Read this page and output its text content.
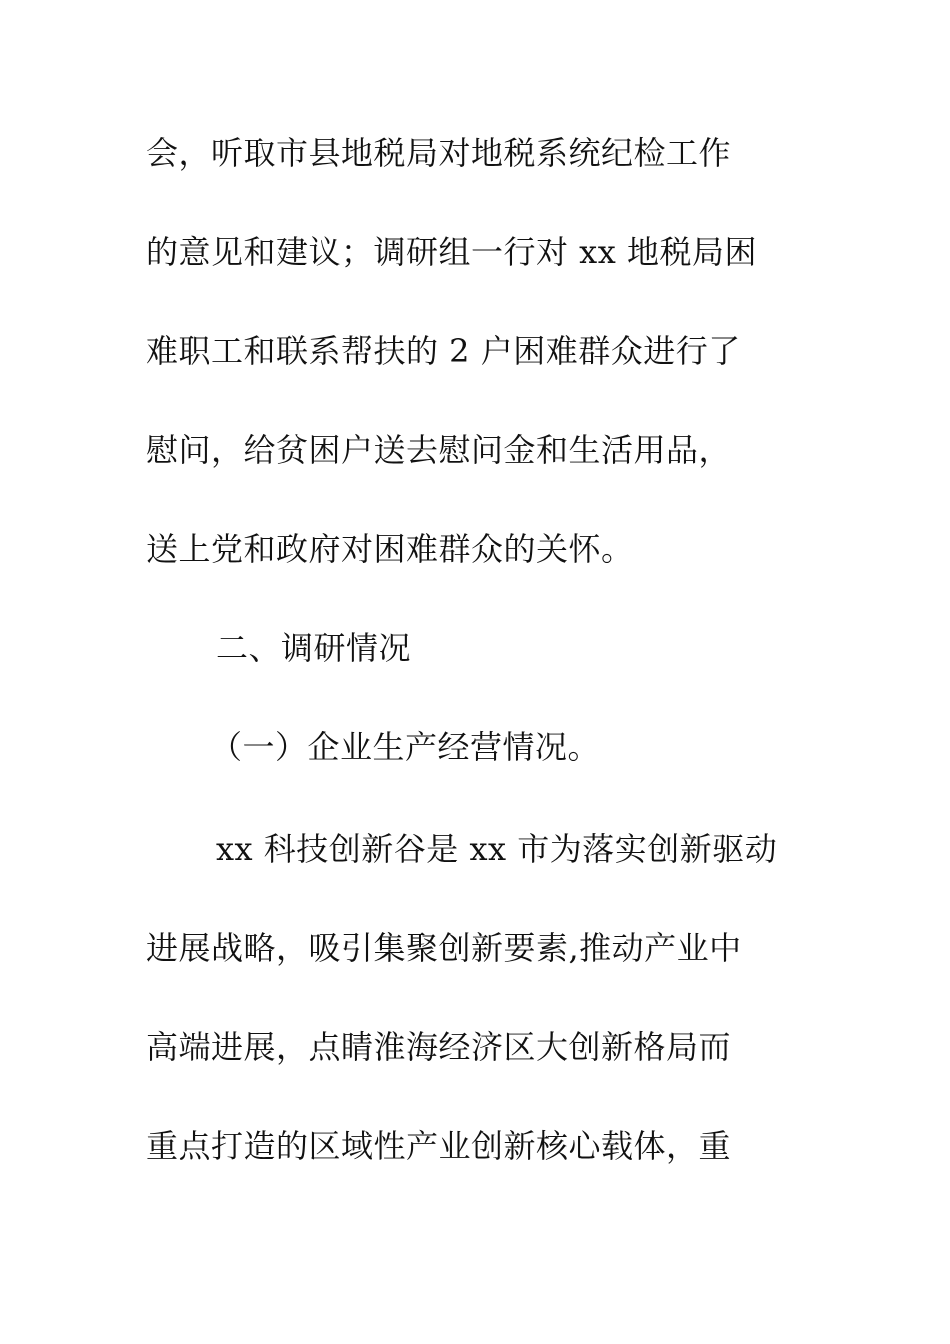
会，听取市县地税局对地税系统纪检工作
的意见和建议；调研组一行对 xx 地税局困
难职工和联系帮扶的 2 户困难群众进行了
慰问，给贫困户送去慰问金和生活用品，
送上党和政府对困难群众的关怀。
二、调研情况
（一）企业生产经营情况。
xx 科技创新谷是 xx 市为落实创新驱动
进展战略，吸引集聚创新要素,推动产业中
高端进展，点睛淮海经济区大创新格局而
重点打造的区域性产业创新核心载体，重
